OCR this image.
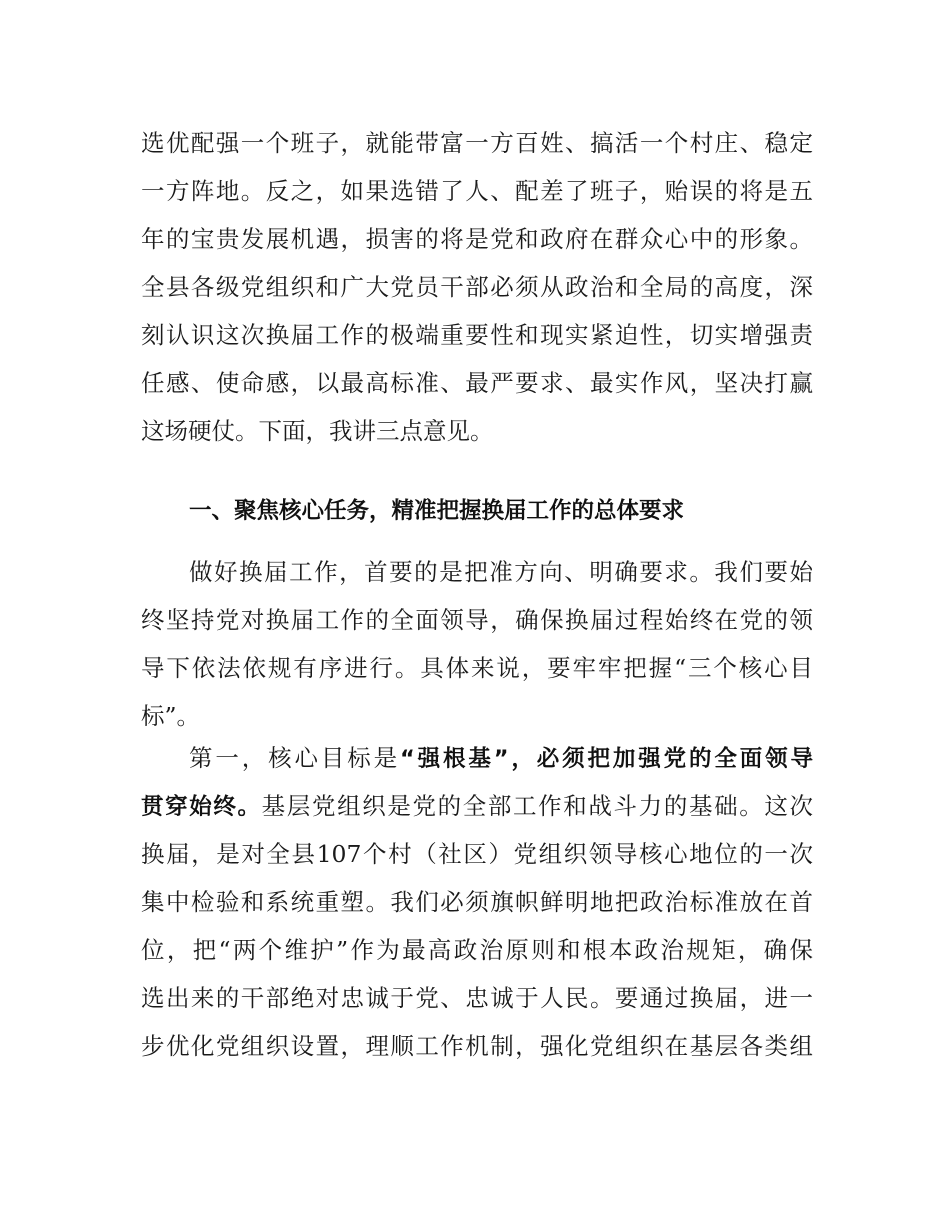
选优配强一个班子，就能带富一方百姓、搞活一个村庄、稳定
一方阵地。反之，如果选错了人、配差了班子，贻误的将是五
年的宝贵发展机遇，损害的将是党和政府在群众心中的形象。
全县各级党组织和广大党员干部必须从政治和全局的高度，深
刻认识这次换届工作的极端重要性和现实紧迫性，切实增强责
任感、使命感，以最高标准、最严要求、最实作风，坚决打赢
这场硬仗。下面，我讲三点意见。
一、聚焦核心任务，精准把握换届工作的总体要求
做好换届工作，首要的是把准方向、明确要求。我们要始
终坚持党对换届工作的全面领导，确保换届过程始终在党的领
导下依法依规有序进行。具体来说，要牢牢把握“三个核心目
标”。
第一，核心目标是“强根基”，必须把加强党的全面领导
贯穿始终。基层党组织是党的全部工作和战斗力的基础。这次
换届，是对全县107个村（社区）党组织领导核心地位的一次
集中检验和系统重塑。我们必须旗帜鲜明地把政治标准放在首
位，把“两个维护”作为最高政治原则和根本政治规矩，确保
选出来的干部绝对忠诚于党、忠诚于人民。要通过换届，进一
步优化党组织设置，理顺工作机制，强化党组织在基层各类组
